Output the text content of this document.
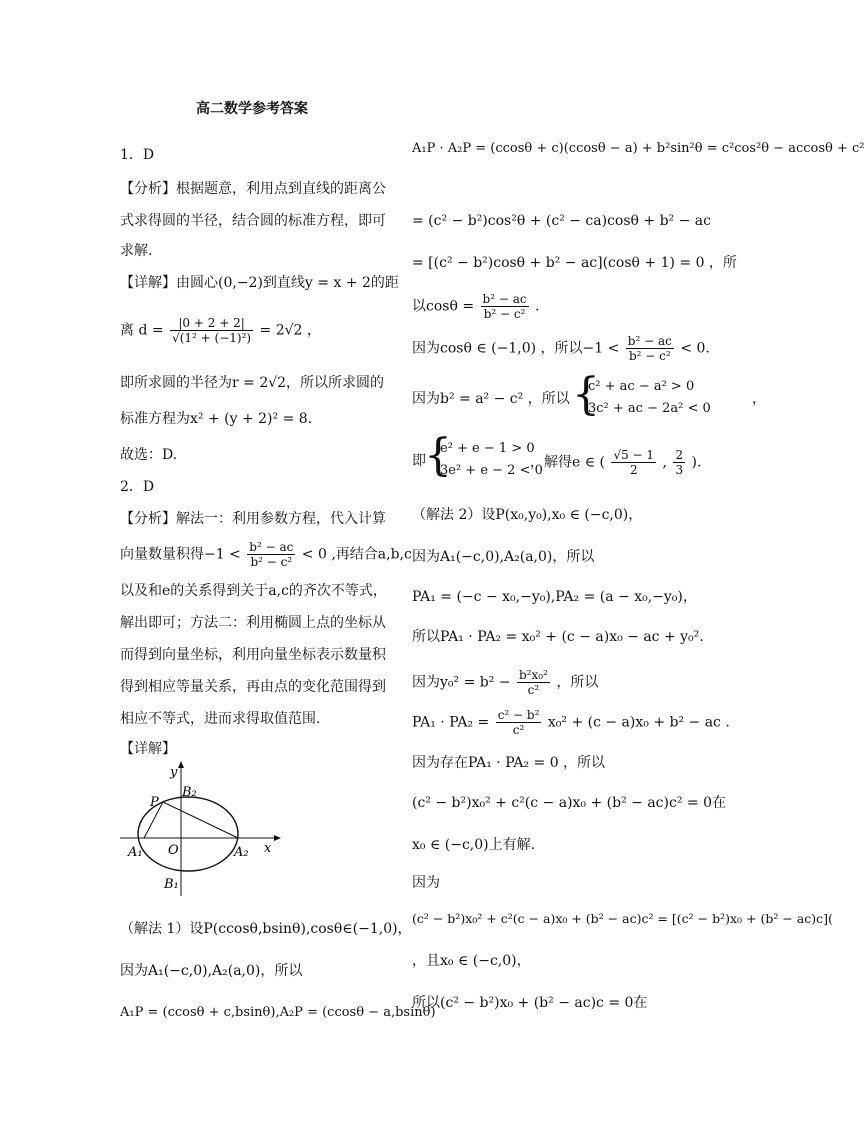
高二数学参考答案
1．D
【分析】根据题意，利用点到直线的距离公
式求得圆的半径，结合圆的标准方程，即可
求解.
【详解】由圆心(0,−2)到直线y = x + 2的距
离 $d = \frac{|0 + 2 + 2|}{\text{√(1² + (−1)²)}} = 2√2$ ，
即所求圆的半径为r = 2√2，所以所求圆的
标准方程为x² + (y + 2)² = 8.
故选：D.
2．D
【分析】解法一：利用参数方程，代入计算
向量数量积得$-1 < \frac{\text{b² − ac}}{\text{b² − c²}} < 0$ ,再结合a,b,c
以及和e的关系得到关于a,c的齐次不等式，
解出即可；方法二：利用椭圆上点的坐标从
而得到向量坐标，利用向量坐标表示数量积
得到相应等量关系，再由点的变化范围得到
相应不等式，进而求得取值范围.
【详解】
y
x
O
P
A₁	A₂
B₁
B₂
（解法 1）设P(ccosθ,bsinθ),cosθ∈(−1,0)，
因为A₁(−c,0),A₂(a,0)，所以
A₁P = (ccosθ + c,bsinθ),A₂P = (ccosθ − a,bsinθ)
A₁P · A₂P = (ccosθ + c)(ccosθ − a) + b²sin²θ = c²cos²θ − accosθ + c²
= (c² − b²)cos²θ + (c² − ca)cosθ + b² − ac
= [(c² − b²)cosθ + b² − ac](cosθ + 1) = 0 ，所
以$\cos\theta = \frac{\text{b² − ac}}{\text{b² − c²}}$ .
因为cosθ ∈ (−1,0) ，所以$-1 < \frac{\text{b² − ac}}{\text{b² − c²}} < 0$.
因为b² = a² − c² ，所以 {
c² + ac − a² > 0
3c² + ac − 2a² < 0
，
即
{
e² + e − 1 > 0
3e² + e − 2 < 0
，解得e ∈ ( $\frac{√5 - 1}{2}$ , $\frac{2}{3}$ ).
（解法 2）设P(x₀,y₀),x₀ ∈ (−c,0)，
因为A₁(−c,0),A₂(a,0)，所以
PA₁ = (−c − x₀,−y₀),PA₂ = (a − x₀,−y₀)，
所以PA₁ · PA₂ = x₀² + (c − a)x₀ − ac + y₀².
因为$y_0^2 = b^2 - \frac{\text{b²x₀²}}{\text{c²}}$ ，所以
$PA_1 \cdot PA_2 = \frac{\text{c² − b²}}{\text{c²}} x_0^2 + (c - a)x_0 + b^2$ − ac .
因为存在PA₁ · PA₂ = 0 ，所以
(c² − b²)x₀² + c²(c − a)x₀ + (b² − ac)c² = 0在
x₀ ∈ (−c,0)上有解.
因为
(c² − b²)x₀² + c²(c − a)x₀ + (b² − ac)c² = [(c² − b²)x₀ + (b² − ac)c](
，且x₀ ∈ (−c,0)，
所以(c² − b²)x₀ + (b² − ac)c = 0在
